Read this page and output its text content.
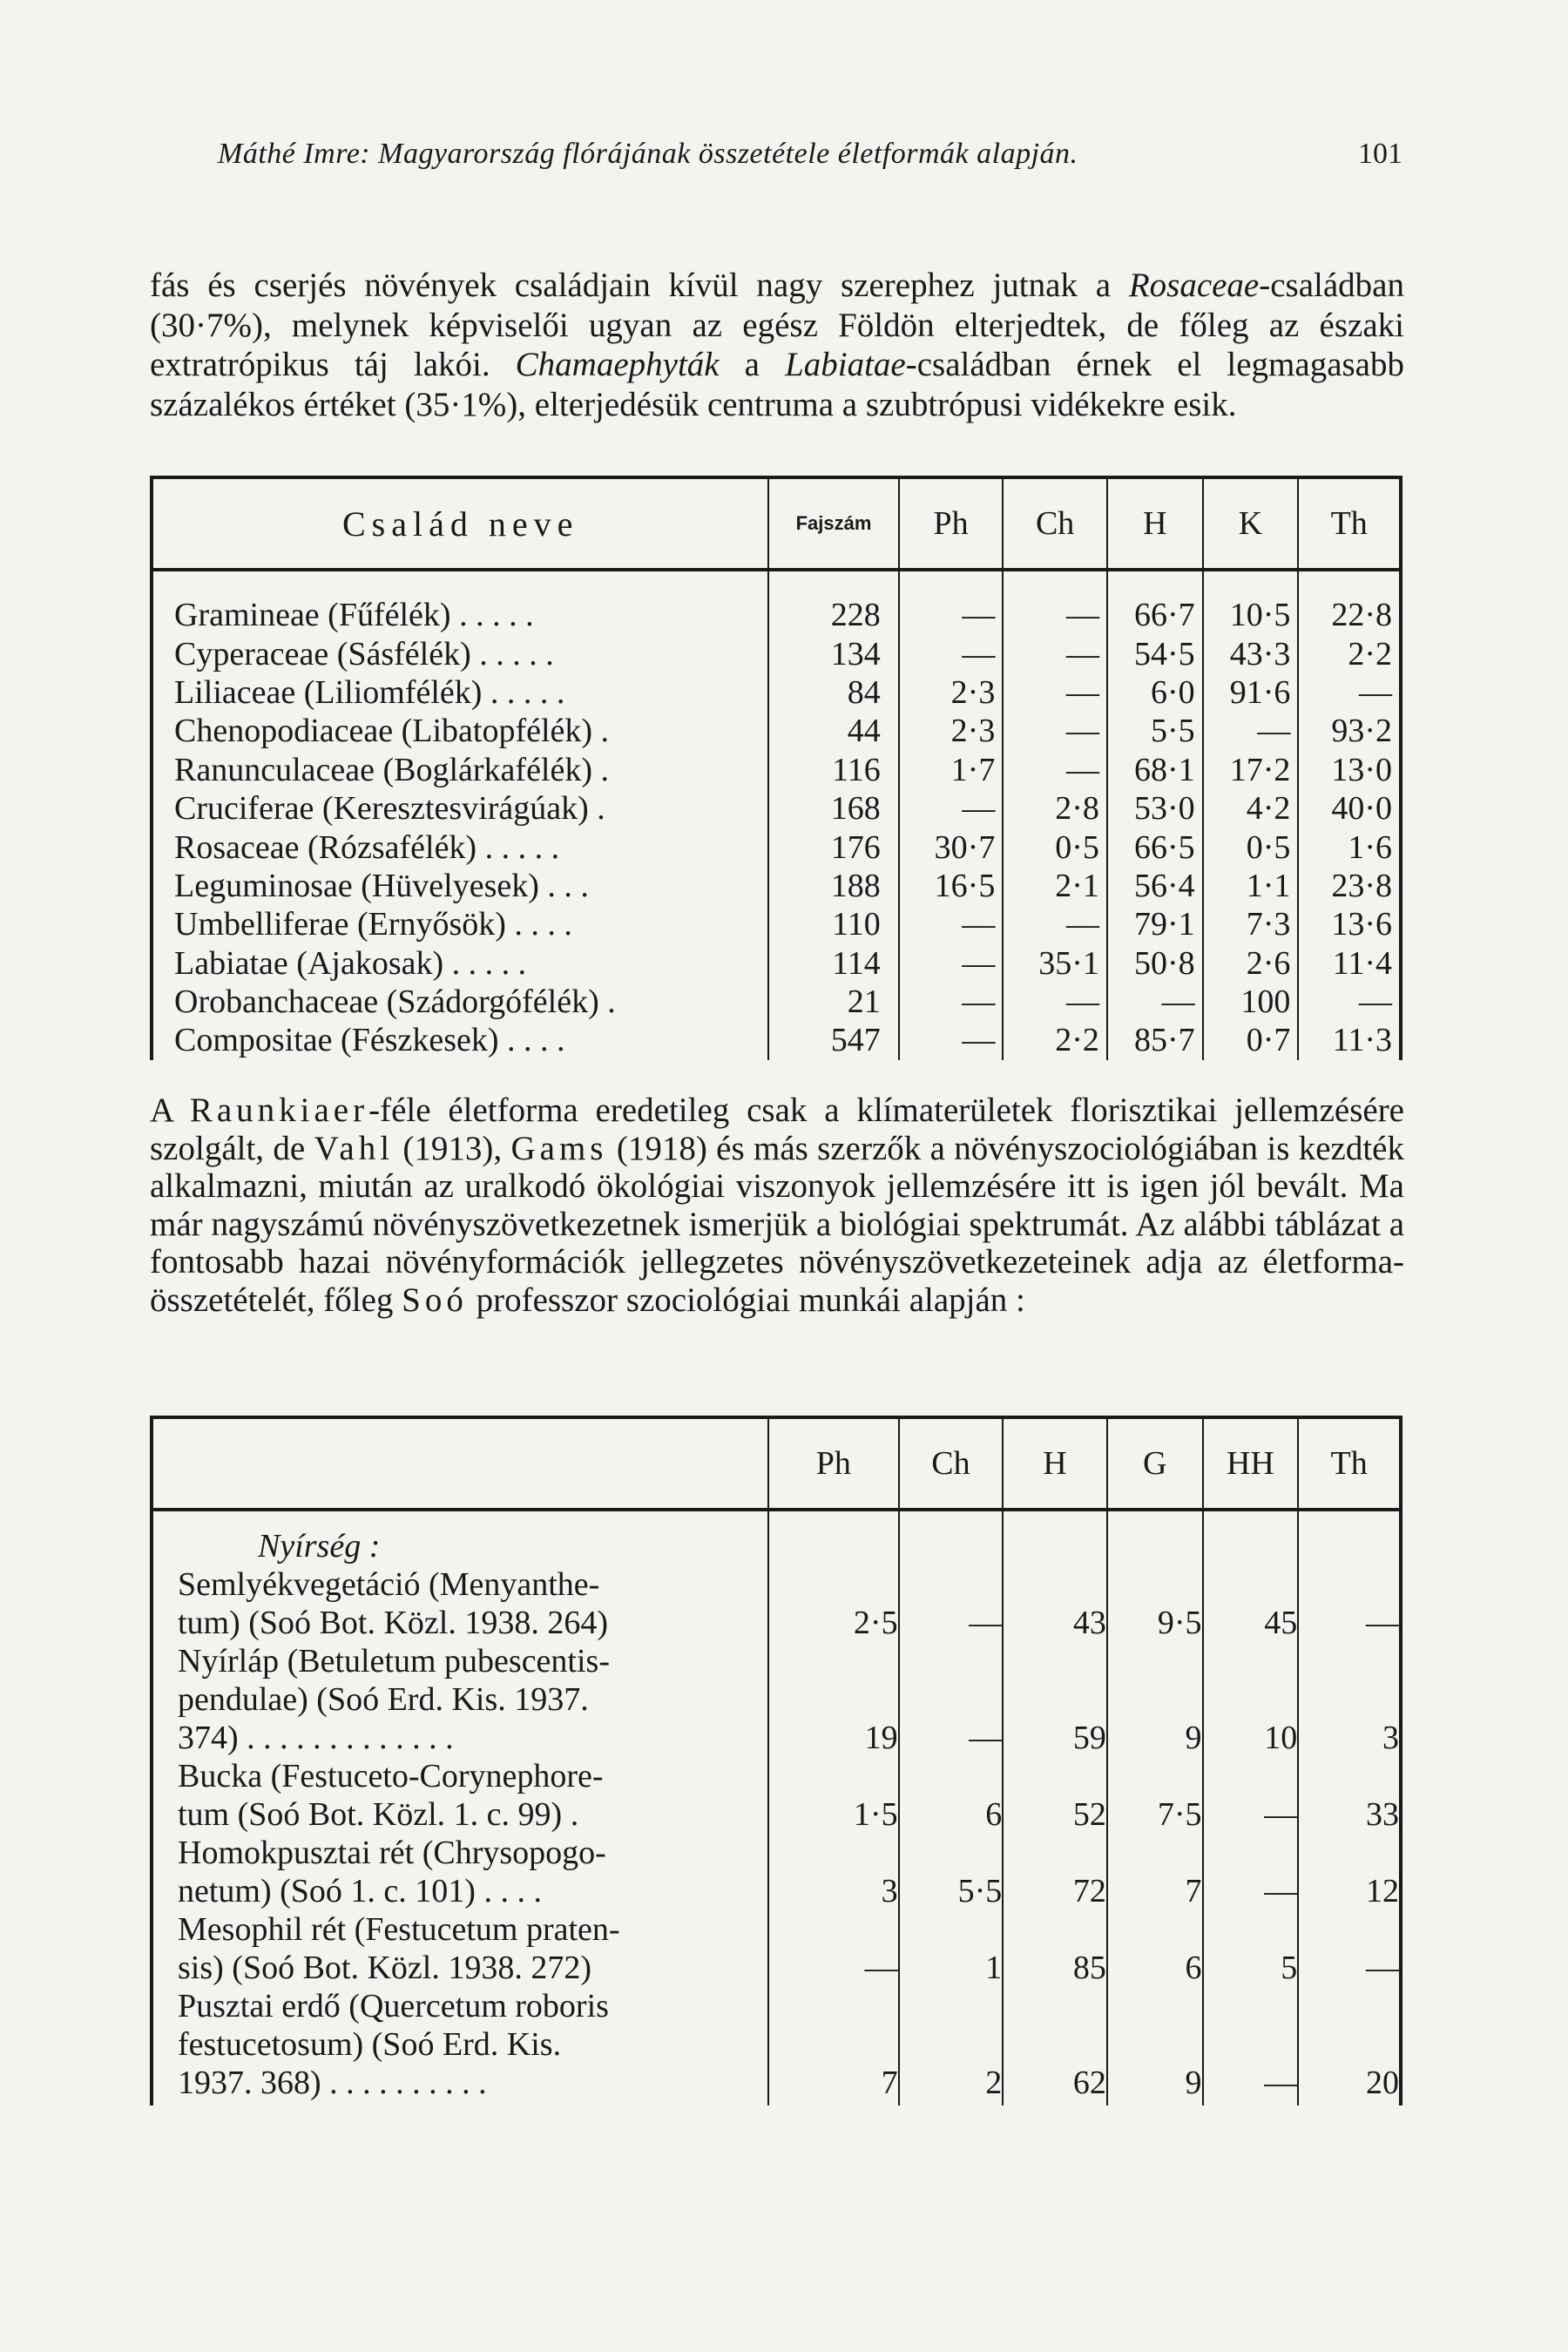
Máthé Imre: Magyarország flórájának összetétele életformák alapján.	101
fás és cserjés növények családjain kívül nagy szerephez jutnak a Rosaceae-családban (30·7%), melynek képviselői ugyan az egész Földön elterjedtek, de főleg az északi extratrópikus táj lakói. Chamaephyták a Labiatae-családban érnek el legmagasabb százalékos értéket (35·1%), elterjedésük centruma a szubtrópusi vidékekre esik.
Család neve	Fajszám	Ph	Ch	H	K	Th

Gramineae (Fűfélék) . . . . .	228	—	—	66·7	10·5	22·8
Cyperaceae (Sásfélék) . . . . .	134	—	—	54·5	43·3	2·2
Liliaceae (Liliomfélék) . . . . .	84	2·3	—	6·0	91·6	—
Chenopodiaceae (Libatopfélék) .	44	2·3	—	5·5	—	93·2
Ranunculaceae (Boglárkafélék) .	116	1·7	—	68·1	17·2	13·0
Cruciferae (Keresztesvirágúak) .	168	—	2·8	53·0	4·2	40·0
Rosaceae (Rózsafélék) . . . . .	176	30·7	0·5	66·5	0·5	1·6
Leguminosae (Hüvelyesek) . . .	188	16·5	2·1	56·4	1·1	23·8
Umbelliferae (Ernyősök) . . . .	110	—	—	79·1	7·3	13·6
Labiatae (Ajakosak) . . . . .	114	—	35·1	50·8	2·6	11·4
Orobanchaceae (Szádorgófélék) .	21	—	—	—	100	—
Compositae (Fészkesek) . . . .	547	—	2·2	85·7	0·7	11·3
A Raunkiaer-féle életforma eredetileg csak a klímaterületek florisztikai jellemzésére szolgált, de Vahl (1913), Gams (1918) és más szerzők a növényszociológiában is kezdték alkalmazni, miután az uralkodó ökológiai viszonyok jellemzésére itt is igen jól bevált. Ma már nagyszámú növényszövetkezetnek ismerjük a biológiai spektrumát. Az alábbi táblázat a fontosabb hazai növényformációk jellegzetes növényszövetkezeteinek adja az életforma-összetételét, főleg Soó professzor szociológiai munkái alapján :
	Ph	Ch	H	G	HH	Th
Nyírség :						

Semlyékvegetáció (Menyanthe-
tum) (Soó Bot. Közl. 1938. 264)	2·5	—	43	9·5	45	—

Nyírláp (Betuletum pubescentis-
pendulae) (Soó Erd. Kis. 1937.
374) . . . . . . . . . . . . .	19	—	59	9	10	3

Bucka (Festuceto-Corynephore-
tum (Soó Bot. Közl. 1. c. 99) .	1·5	6	52	7·5	—	33

Homokpusztai rét (Chrysopogo-
netum) (Soó 1. c. 101) . . . .	3	5·5	72	7	—	12

Mesophil rét (Festucetum praten-
sis) (Soó Bot. Közl. 1938. 272)	—	1	85	6	5	—

Pusztai erdő (Quercetum roboris
festucetosum) (Soó Erd. Kis.
1937. 368) . . . . . . . . . .	7	2	62	9	—	20
